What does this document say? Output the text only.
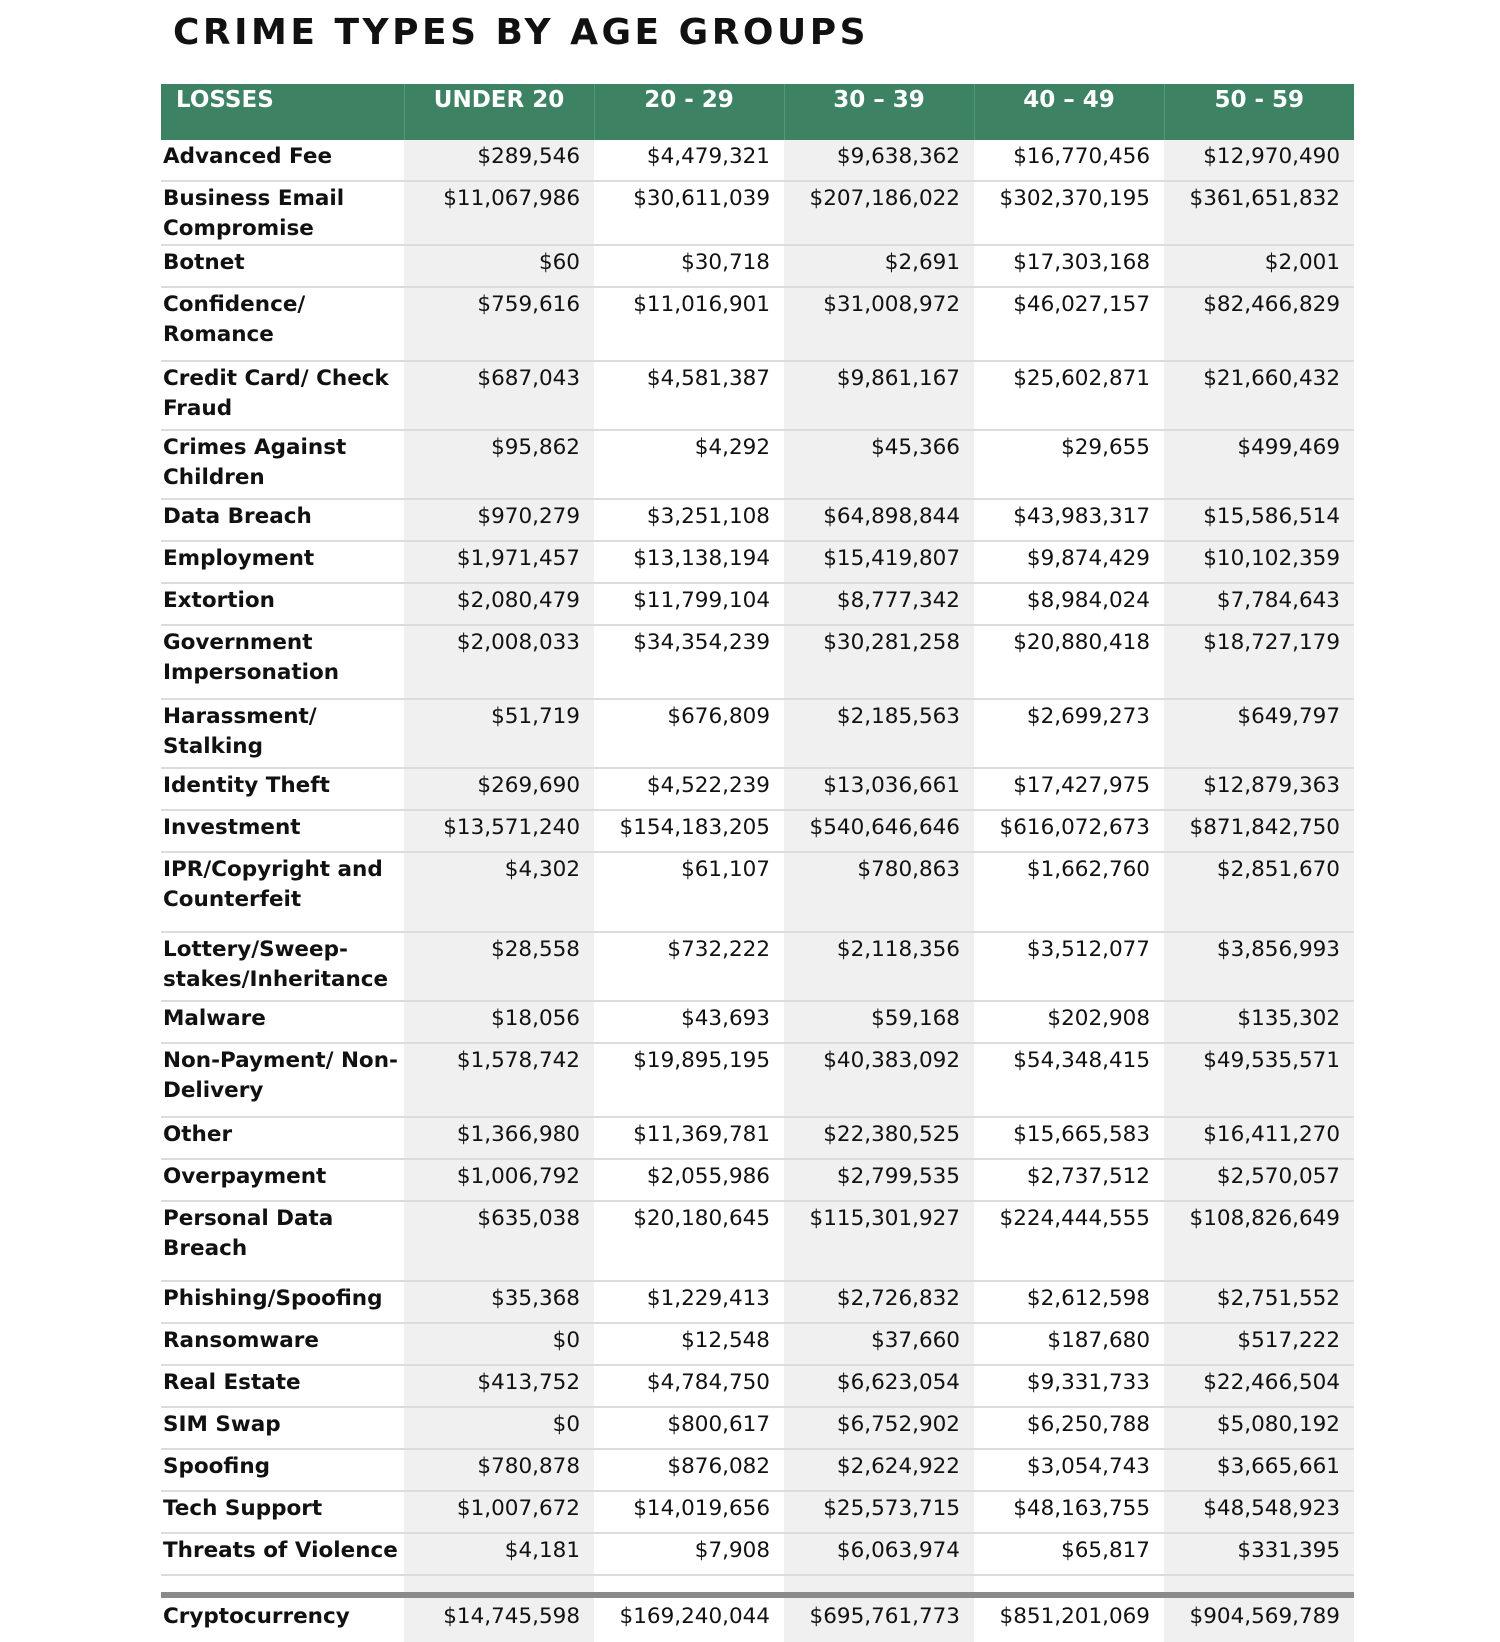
CRIME TYPES BY AGE GROUPS
LOSSES	UNDER 20	20 - 29	30 – 39	40 – 49	50 - 59
Advanced Fee	$289,546	$4,479,321	$9,638,362	$16,770,456	$12,970,490
Business Email Compromise	$11,067,986	$30,611,039	$207,186,022	$302,370,195	$361,651,832
Botnet	$60	$30,718	$2,691	$17,303,168	$2,001
Confidence/ Romance	$759,616	$11,016,901	$31,008,972	$46,027,157	$82,466,829
Credit Card/ Check Fraud	$687,043	$4,581,387	$9,861,167	$25,602,871	$21,660,432
Crimes Against Children	$95,862	$4,292	$45,366	$29,655	$499,469
Data Breach	$970,279	$3,251,108	$64,898,844	$43,983,317	$15,586,514
Employment	$1,971,457	$13,138,194	$15,419,807	$9,874,429	$10,102,359
Extortion	$2,080,479	$11,799,104	$8,777,342	$8,984,024	$7,784,643
Government Impersonation	$2,008,033	$34,354,239	$30,281,258	$20,880,418	$18,727,179
Harassment/ Stalking	$51,719	$676,809	$2,185,563	$2,699,273	$649,797
Identity Theft	$269,690	$4,522,239	$13,036,661	$17,427,975	$12,879,363
Investment	$13,571,240	$154,183,205	$540,646,646	$616,072,673	$871,842,750
IPR/Copyright and Counterfeit	$4,302	$61,107	$780,863	$1,662,760	$2,851,670
Lottery/Sweep-stakes/Inheritance	$28,558	$732,222	$2,118,356	$3,512,077	$3,856,993
Malware	$18,056	$43,693	$59,168	$202,908	$135,302
Non-Payment/ Non-Delivery	$1,578,742	$19,895,195	$40,383,092	$54,348,415	$49,535,571
Other	$1,366,980	$11,369,781	$22,380,525	$15,665,583	$16,411,270
Overpayment	$1,006,792	$2,055,986	$2,799,535	$2,737,512	$2,570,057
Personal Data Breach	$635,038	$20,180,645	$115,301,927	$224,444,555	$108,826,649
Phishing/Spoofing	$35,368	$1,229,413	$2,726,832	$2,612,598	$2,751,552
Ransomware	$0	$12,548	$37,660	$187,680	$517,222
Real Estate	$413,752	$4,784,750	$6,623,054	$9,331,733	$22,466,504
SIM Swap	$0	$800,617	$6,752,902	$6,250,788	$5,080,192
Spoofing	$780,878	$876,082	$2,624,922	$3,054,743	$3,665,661
Tech Support	$1,007,672	$14,019,656	$25,573,715	$48,163,755	$48,548,923
Threats of Violence	$4,181	$7,908	$6,063,974	$65,817	$331,395

Cryptocurrency	$14,745,598	$169,240,044	$695,761,773	$851,201,069	$904,569,789
